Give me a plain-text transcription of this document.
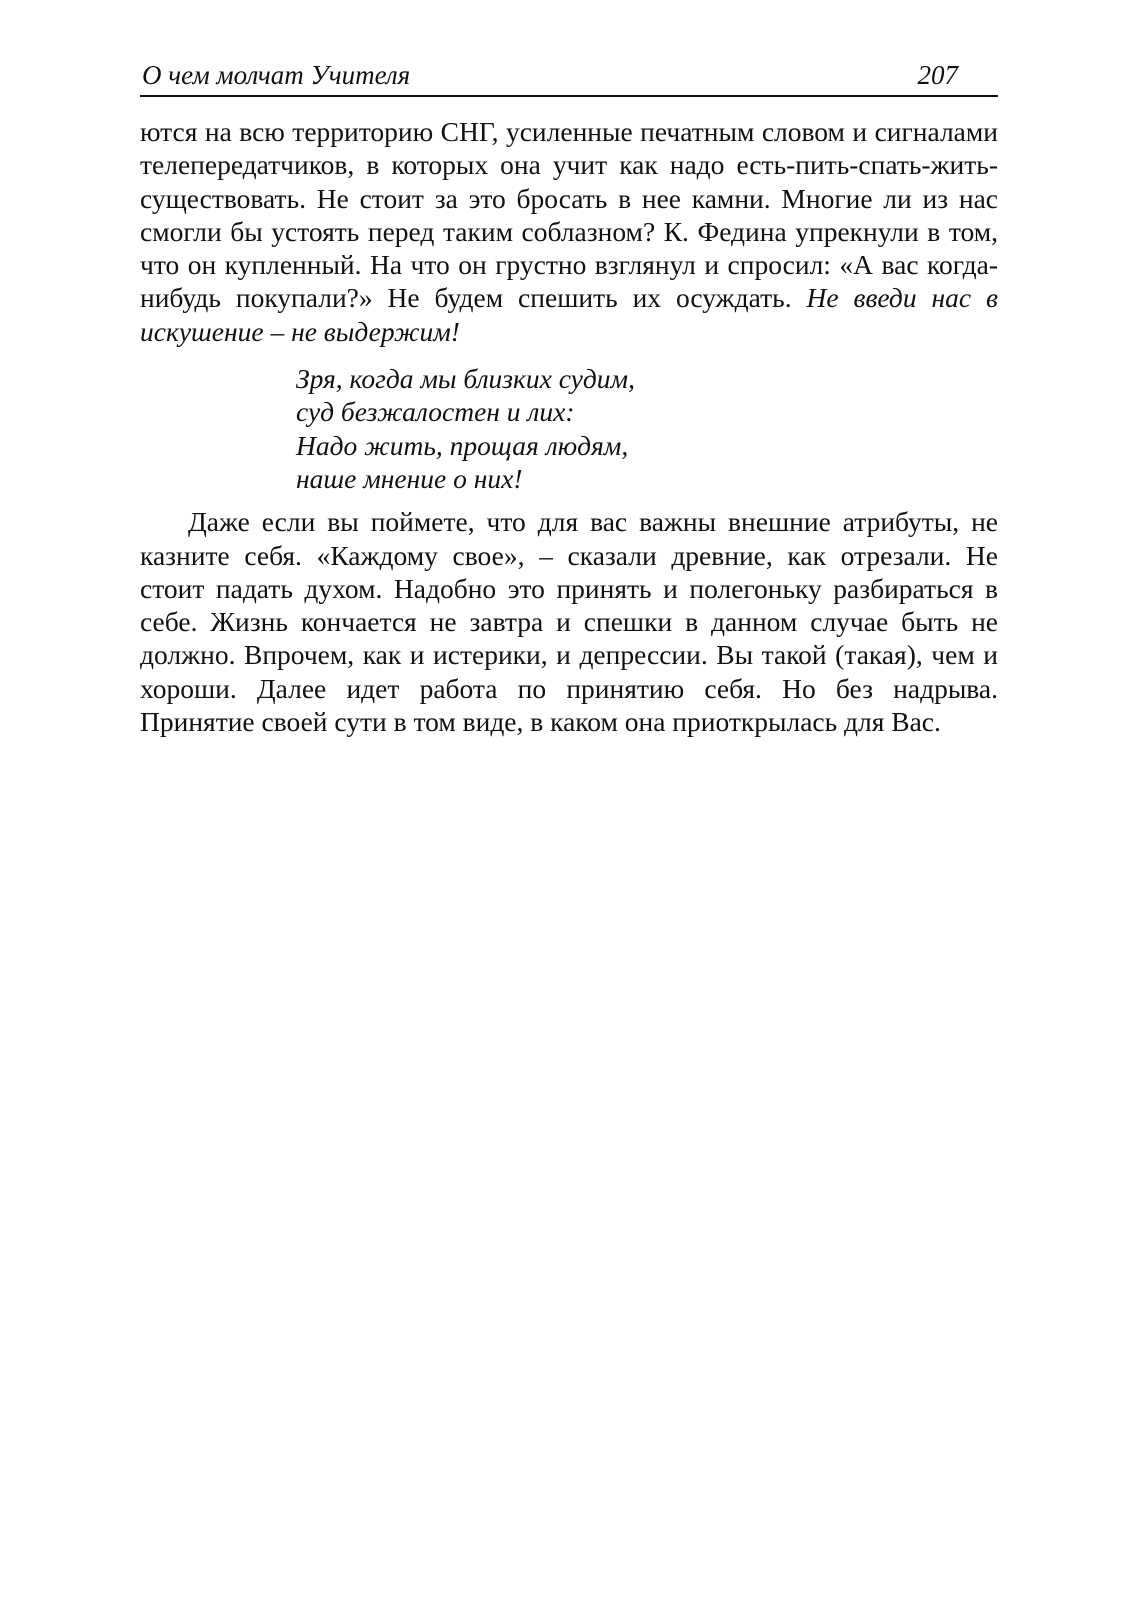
О чем молчат Учителя	207

ются на всю территорию СНГ, усиленные печатным словом и сигналами телепередатчиков, в которых она учит как надо есть-пить-спать-жить-существовать. Не стоит за это бросать в нее камни. Многие ли из нас смогли бы устоять перед таким соблазном? К. Федина упрекнули в том, что он купленный. На что он грустно взглянул и спросил: «А вас когда-нибудь покупали?» Не будем спешить их осуждать. Не введи нас в искушение – не выдержим!

Зря, когда мы близких судим,
суд безжалостен и лих:
Надо жить, прощая людям,
наше мнение о них!

Даже если вы поймете, что для вас важны внешние атрибуты, не казните себя. «Каждому свое», – сказали древние, как отрезали. Не стоит падать духом. Надобно это принять и полегоньку разбираться в себе. Жизнь кончается не завтра и спешки в данном случае быть не должно. Впрочем, как и истерики, и депрессии. Вы такой (такая), чем и хороши. Далее идет работа по принятию себя. Но без надрыва. Принятие своей сути в том виде, в каком она приоткрылась для Вас.
